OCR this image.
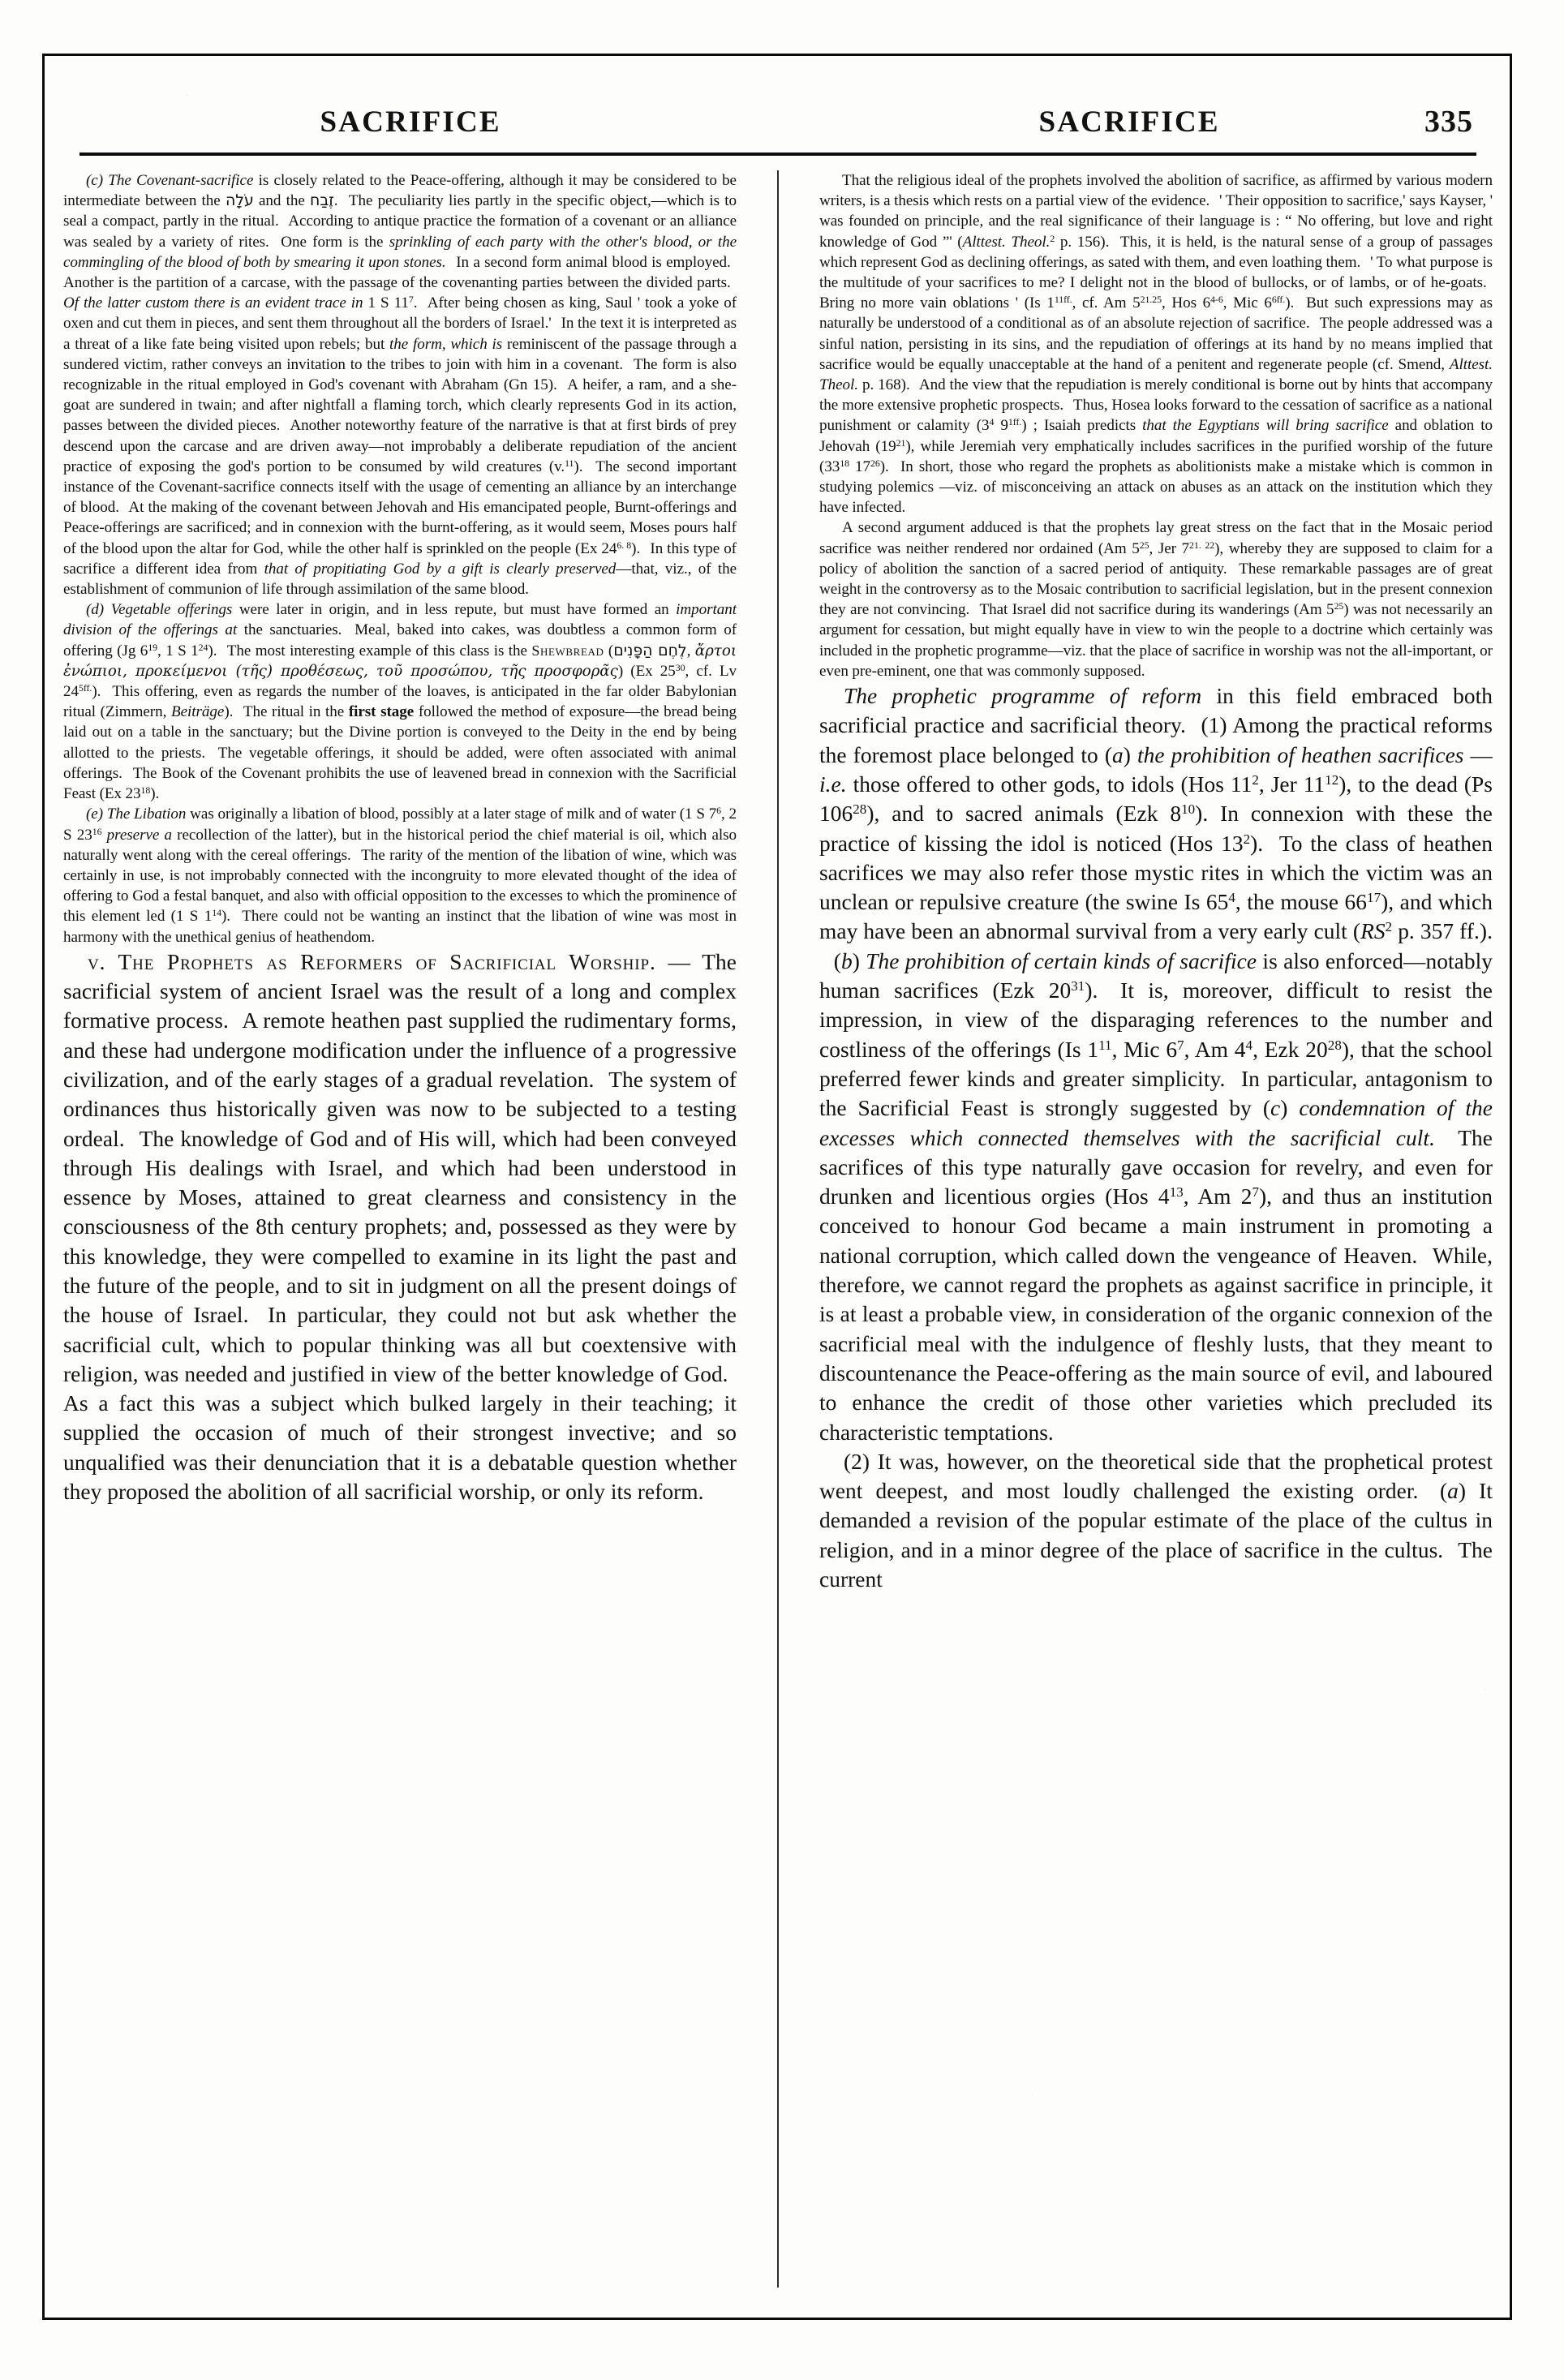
SACRIFICE	SACRIFICE	335

(c) The Covenant-sacrifice is closely related to the Peace-offering, although it may be considered to be intermediate between the עֹלָה and the זֶבַח. The peculiarity lies partly in the specific object,—which is to seal a compact, partly in the ritual. According to antique practice the formation of a covenant or an alliance was sealed by a variety of rites. One form is the sprinkling of each party with the other's blood, or the commingling of the blood of both by smearing it upon stones. In a second form animal blood is employed. Another is the partition of a carcase, with the passage of the covenanting parties between the divided parts. Of the latter custom there is an evident trace in 1 S $11^7$. After being chosen as king, Saul ' took a yoke of oxen and cut them in pieces, and sent them throughout all the borders of Israel.' In the text it is interpreted as a threat of a like fate being visited upon rebels; but the form, which is reminiscent of the passage through a sundered victim, rather conveys an invitation to the tribes to join with him in a covenant. The form is also recognizable in the ritual employed in God's covenant with Abraham (Gn 15). A heifer, a ram, and a she-goat are sundered in twain; and after nightfall a flaming torch, which clearly represents God in its action, passes between the divided pieces. Another noteworthy feature of the narrative is that at first birds of prey descend upon the carcase and are driven away—not improbably a deliberate repudiation of the ancient practice of exposing the god's portion to be consumed by wild creatures (v.$^{11}$). The second important instance of the Covenant-sacrifice connects itself with the usage of cementing an alliance by an interchange of blood. At the making of the covenant between Jehovah and His emancipated people, Burnt-offerings and Peace-offerings are sacrificed; and in connexion with the burnt-offering, as it would seem, Moses pours half of the blood upon the altar for God, while the other half is sprinkled on the people (Ex $24^{6. 8}$). In this type of sacrifice a different idea from that of propitiating God by a gift is clearly preserved—that, viz., of the establishment of communion of life through assimilation of the same blood.

(d) Vegetable offerings were later in origin, and in less repute, but must have formed an important division of the offerings at the sanctuaries. Meal, baked into cakes, was doubtless a common form of offering (Jg $6^{19}$, 1 S $1^{24}$). The most interesting example of this class is the Shewbread (לֶחֶם הַפָּנִים, ἄρτοι ἐνώπιοι, προκείμενοι (τῆς) προθέσεως, τοῦ προσώπου, τῆς προσφορᾶς) (Ex $25^{30}$, cf. Lv $24^{5ff.}$). This offering, even as regards the number of the loaves, is anticipated in the far older Babylonian ritual (Zimmern, Beiträge). The ritual in the first stage followed the method of exposure—the bread being laid out on a table in the sanctuary; but the Divine portion is conveyed to the Deity in the end by being allotted to the priests. The vegetable offerings, it should be added, were often associated with animal offerings. The Book of the Covenant prohibits the use of leavened bread in connexion with the Sacrificial Feast (Ex $23^{18}$).

(e) The Libation was originally a libation of blood, possibly at a later stage of milk and of water (1 S $7^6$, 2 S $23^{16}$ preserve a recollection of the latter), but in the historical period the chief material is oil, which also naturally went along with the cereal offerings. The rarity of the mention of the libation of wine, which was certainly in use, is not improbably connected with the incongruity to more elevated thought of the idea of offering to God a festal banquet, and also with official opposition to the excesses to which the prominence of this element led (1 S $1^{14}$). There could not be wanting an instinct that the libation of wine was most in harmony with the unethical genius of heathendom.

v. The Prophets as Reformers of Sacrificial Worship. — The sacrificial system of ancient Israel was the result of a long and complex formative process. A remote heathen past supplied the rudimentary forms, and these had undergone modification under the influence of a progressive civilization, and of the early stages of a gradual revelation. The system of ordinances thus historically given was now to be subjected to a testing ordeal. The knowledge of God and of His will, which had been conveyed through His dealings with Israel, and which had been understood in essence by Moses, attained to great clearness and consistency in the consciousness of the 8th century prophets; and, possessed as they were by this knowledge, they were compelled to examine in its light the past and the future of the people, and to sit in judgment on all the present doings of the house of Israel. In particular, they could not but ask whether the sacrificial cult, which to popular thinking was all but coextensive with religion, was needed and justified in view of the better knowledge of God. As a fact this was a subject which bulked largely in their teaching; it supplied the occasion of much of their strongest invective; and so unqualified was their denunciation that it is a debatable question whether they proposed the abolition of all sacrificial worship, or only its reform.

That the religious ideal of the prophets involved the abolition of sacrifice, as affirmed by various modern writers, is a thesis which rests on a partial view of the evidence. ' Their opposition to sacrifice,' says Kayser, ' was founded on principle, and the real significance of their language is : “ No offering, but love and right knowledge of God ”' (Alttest. Theol.$^2$ p. 156). This, it is held, is the natural sense of a group of passages which represent God as declining offerings, as sated with them, and even loathing them. ' To what purpose is the multitude of your sacrifices to me? I delight not in the blood of bullocks, or of lambs, or of he-goats. Bring no more vain oblations ' (Is $1^{11ff.}$, cf. Am $5^{21.25}$, Hos 6$^{4-6}$, Mic $6^{6ff.}$). But such expressions may as naturally be understood of a conditional as of an absolute rejection of sacrifice. The people addressed was a sinful nation, persisting in its sins, and the repudiation of offerings at its hand by no means implied that sacrifice would be equally unacceptable at the hand of a penitent and regenerate people (cf. Smend, Alttest. Theol. p. 168). And the view that the repudiation is merely conditional is borne out by hints that accompany the more extensive prophetic prospects. Thus, Hosea looks forward to the cessation of sacrifice as a national punishment or calamity ($3^4$ $9^{1ff.}$) ; Isaiah predicts that the Egyptians will bring sacrifice and oblation to Jehovah $(19^{21})$, while Jeremiah very emphatically includes sacrifices in the purified worship of the future ($33^{18}$ $17^{26}$). In short, those who regard the prophets as abolitionists make a mistake which is common in studying polemics —viz. of misconceiving an attack on abuses as an attack on the institution which they have infected.

A second argument adduced is that the prophets lay great stress on the fact that in the Mosaic period sacrifice was neither rendered nor ordained (Am $5^{25}$, Jer $7^{21. 22}$), whereby they are supposed to claim for a policy of abolition the sanction of a sacred period of antiquity. These remarkable passages are of great weight in the controversy as to the Mosaic contribution to sacrificial legislation, but in the present connexion they are not convincing. That Israel did not sacrifice during its wanderings (Am $5^{25}$) was not necessarily an argument for cessation, but might equally have in view to win the people to a doctrine which certainly was included in the prophetic programme—viz. that the place of sacrifice in worship was not the all-important, or even pre-eminent, one that was commonly supposed.

The prophetic programme of reform in this field embraced both sacrificial practice and sacrificial theory. (1) Among the practical reforms the foremost place belonged to (a) the prohibition of heathen sacrifices — i.e. those offered to other gods, to idols (Hos $11^2$, Jer $11^{12}$), to the dead (Ps $106^{28}$), and to sacred animals (Ezk $8^{10}$). In connexion with these the practice of kissing the idol is noticed (Hos $13^2$). To the class of heathen sacrifices we may also refer those mystic rites in which the victim was an unclean or repulsive creature (the swine Is $65^4$, the mouse $66^{17}$), and which may have been an abnormal survival from a very early cult ($RS^2$ p. 357 ff.). (b) The prohibition of certain kinds of sacrifice is also enforced—notably human sacrifices (Ezk $20^{31}$). It is, moreover, difficult to resist the impression, in view of the disparaging references to the number and costliness of the offerings (Is $1^{11}$, Mic $6^7$, Am $4^4$, Ezk $20^{28}$), that the school preferred fewer kinds and greater simplicity. In particular, antagonism to the Sacrificial Feast is strongly suggested by (c) condemnation of the excesses which connected themselves with the sacrificial cult. The sacrifices of this type naturally gave occasion for revelry, and even for drunken and licentious orgies (Hos $4^{13}$, Am $2^7$), and thus an institution conceived to honour God became a main instrument in promoting a national corruption, which called down the vengeance of Heaven. While, therefore, we cannot regard the prophets as against sacrifice in principle, it is at least a probable view, in consideration of the organic connexion of the sacrificial meal with the indulgence of fleshly lusts, that they meant to discountenance the Peace-offering as the main source of evil, and laboured to enhance the credit of those other varieties which precluded its characteristic temptations.

(2) It was, however, on the theoretical side that the prophetical protest went deepest, and most loudly challenged the existing order. (a) It demanded a revision of the popular estimate of the place of the cultus in religion, and in a minor degree of the place of sacrifice in the cultus. The current
